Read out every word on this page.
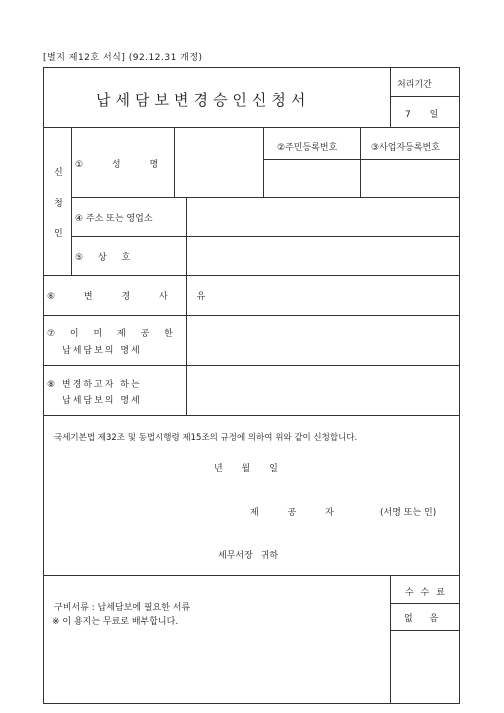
[별지 제12호 서식] (92.12.31 개정)
납세담보변경승인신청서
처리기간
7 일
신
청
인
① 성 명
②주민등록번호	③사업자등록번호
④ 주소 또는 영업소
⑤ 상 호
⑥ 변 경 사 유
⑦ 이 미 제 공 한
납세담보의 명세
⑧ 변경하고자 하는
납세담보의 명세
국세기본법 제32조 및 동법시행령 제15조의 규정에 의하여 위와 같이 신청합니다.
년 월 일
제 공 자	(서명 또는 인)
세무서장 귀하
구비서류 : 납세담보에 필요한 서류
※ 이 용지는 무료로 배부합니다.
수 수 료
없 음
